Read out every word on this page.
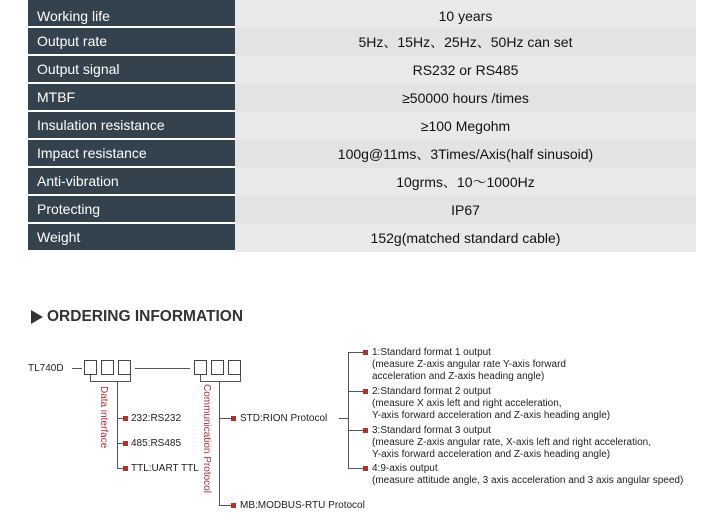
Working life	10 years
Output rate	5Hz、15Hz、25Hz、50Hz can set
Output signal	RS232 or RS485
MTBF	≥50000 hours /times
Insulation resistance	≥100 Megohm
Impact resistance	100g@11ms、3Times/Axis(half sinusoid)
Anti-vibration	10grms、10～1000Hz
Protecting	IP67
Weight	152g(matched standard cable)
ORDERING INFORMATION
TL740D
Data interface 232:RS232
485:RS485
TTL:UART TTL Communication Protocol	STD:RION Protocol
MB:MODBUS-RTU Protocol
1:Standard format 1 output
(measure Z-axis angular rate Y-axis forward
acceleration and Z-axis heading angle)
2:Standard format 2 output
(measure X axis left and right acceleration,
Y-axis forward acceleration and Z-axis heading angle)
3:Standard format 3 output
(measure Z-axis angular rate, X-axis left and right acceleration,
Y-axis forward acceleration and Z-axis heading angle)
4:9-axis output
(measure attitude angle, 3 axis acceleration and 3 axis angular speed)
